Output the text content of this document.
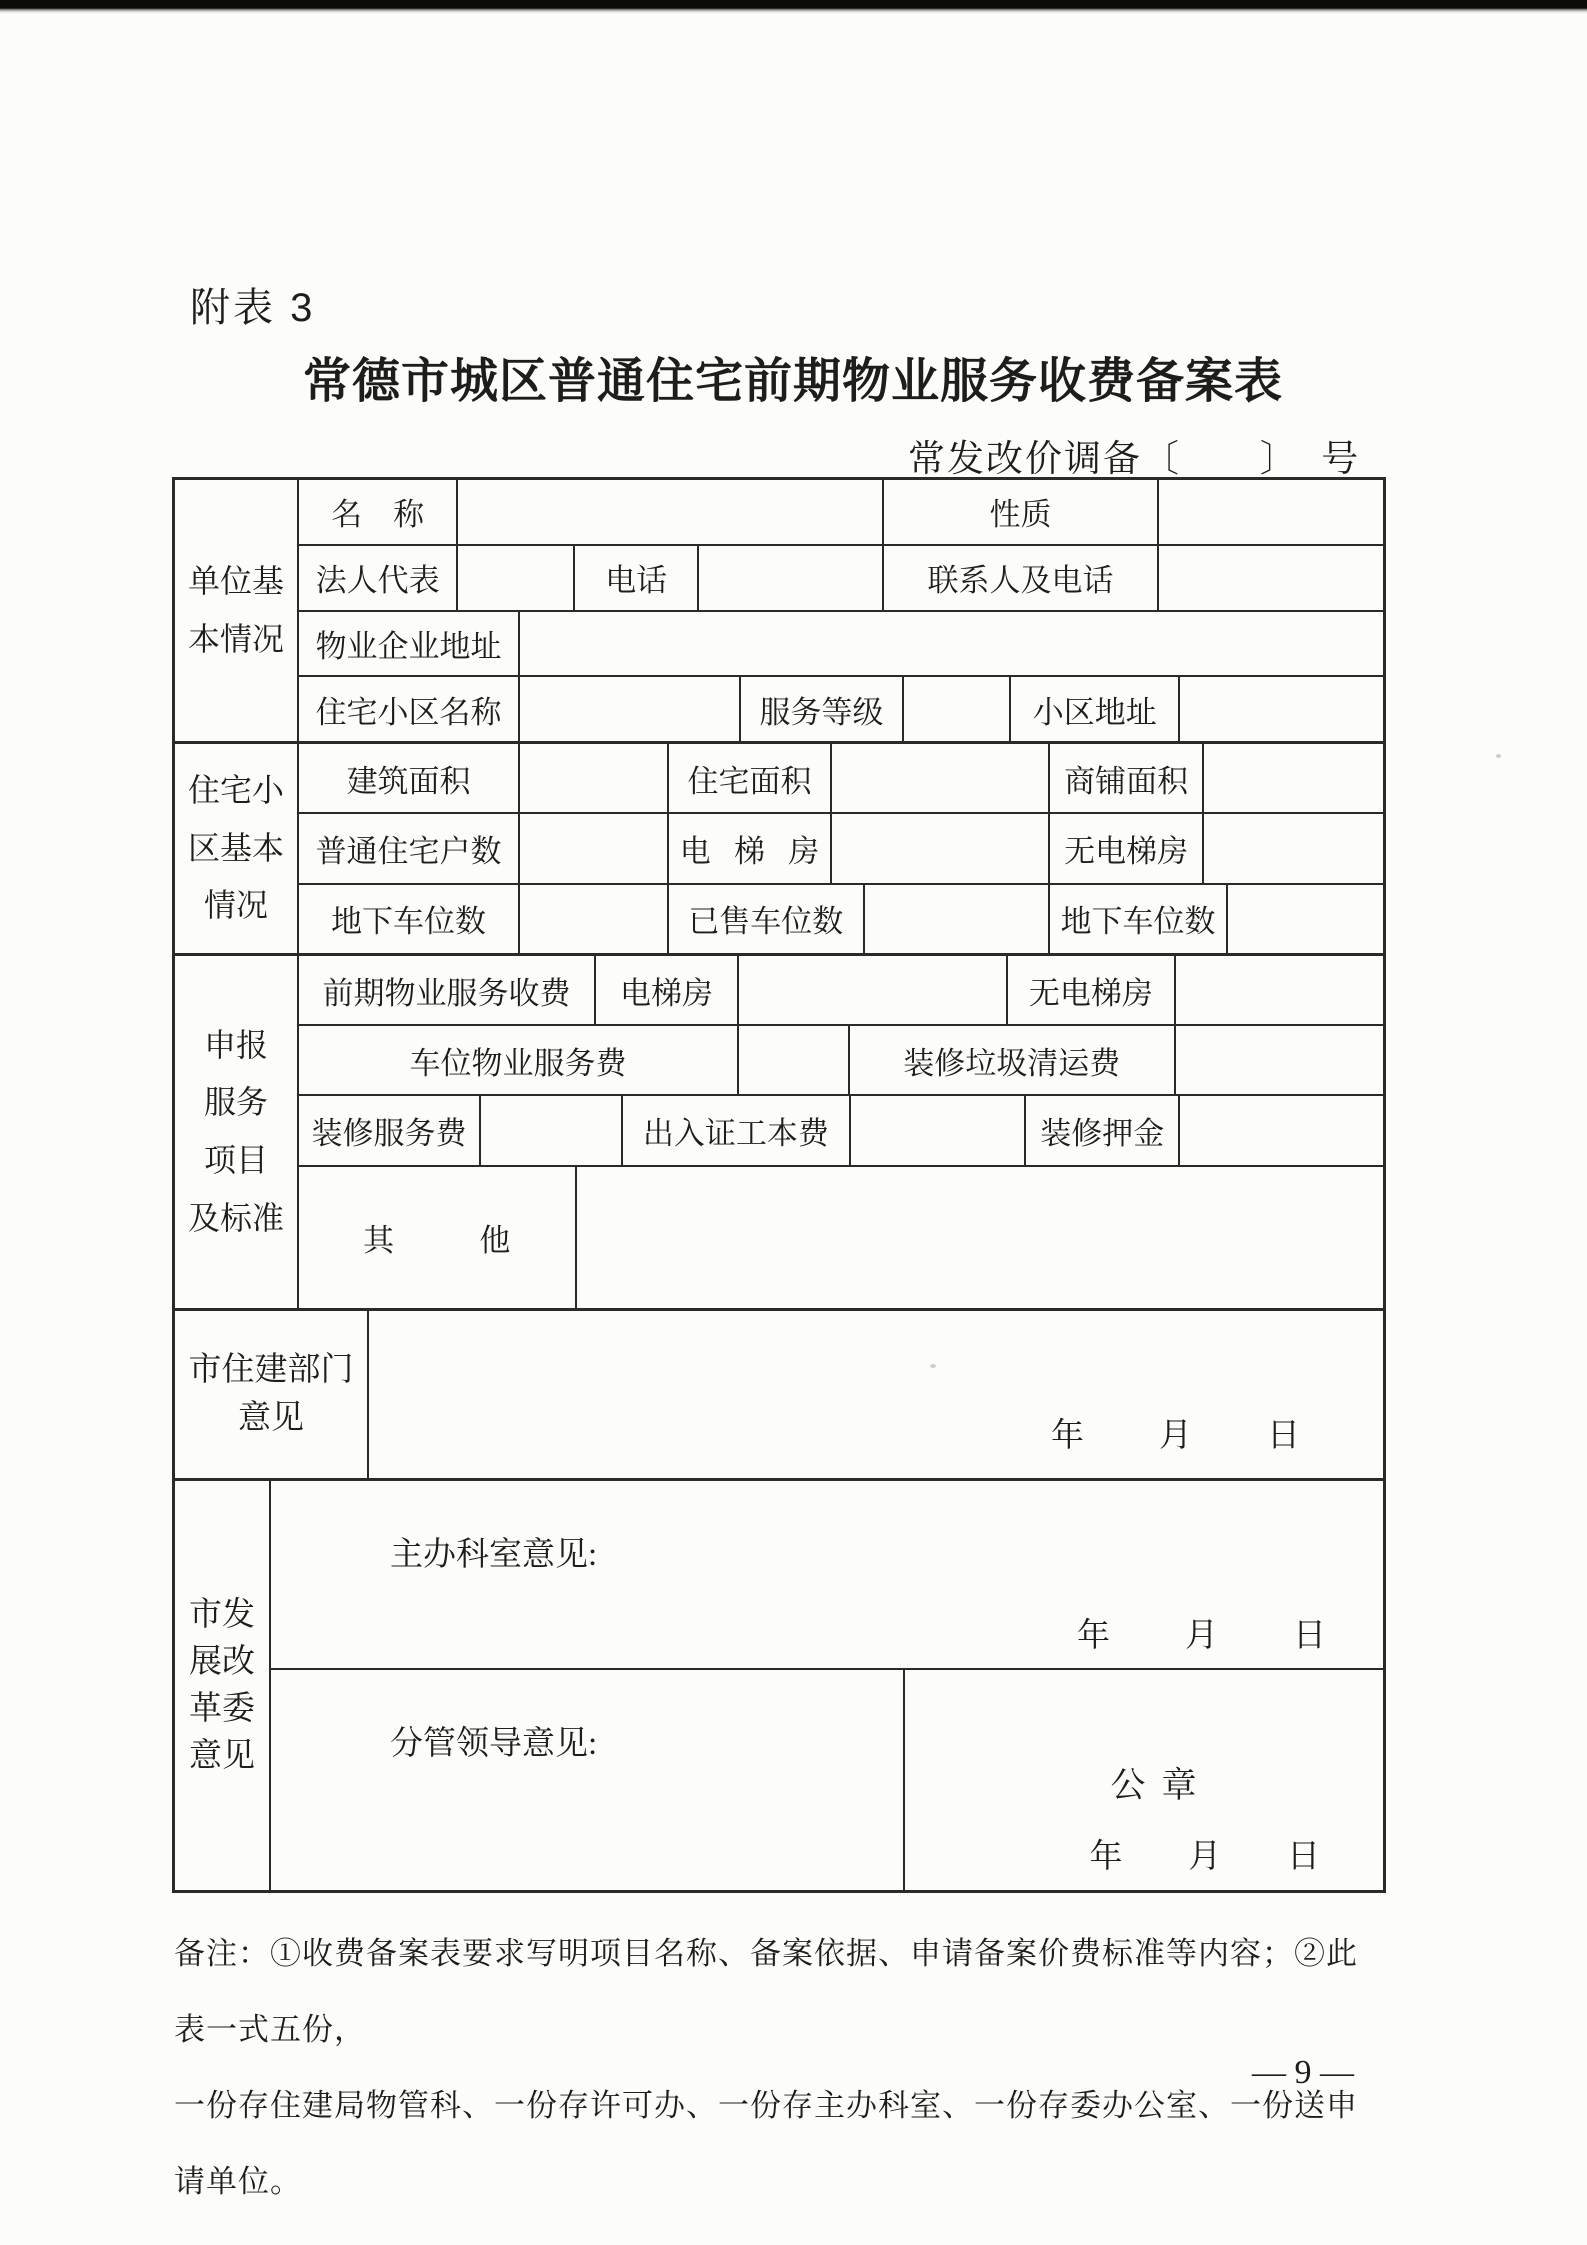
附表 3
常德市城区普通住宅前期物业服务收费备案表
常发改价调备〔       〕  号
单位基
本情况
名    称	性质
法人代表	电话	联系人及电话
物业企业地址
住宅小区名称	服务等级	小区地址
住宅小
区基本
情况
建筑面积	住宅面积	商铺面积
普通住宅户数	电   梯   房	无电梯房
地下车位数	已售车位数	地下车位数
申报
服务
项目
及标准
前期物业服务收费	电梯房	无电梯房
车位物业服务费	装修垃圾清运费
装修服务费	出入证工本费	装修押金
其           他
市住建部门
意见
年        月        日
市发
展改
革委
意见

主办科室意见:

年        月        日

分管领导意见:

公章

年       月       日

备注：①收费备案表要求写明项目名称、备案依据、申请备案价费标准等内容；②此表一式五份，
一份存住建局物管科、一份存许可办、一份存主办科室、一份存委办公室、一份送申请单位。
— 9 —
